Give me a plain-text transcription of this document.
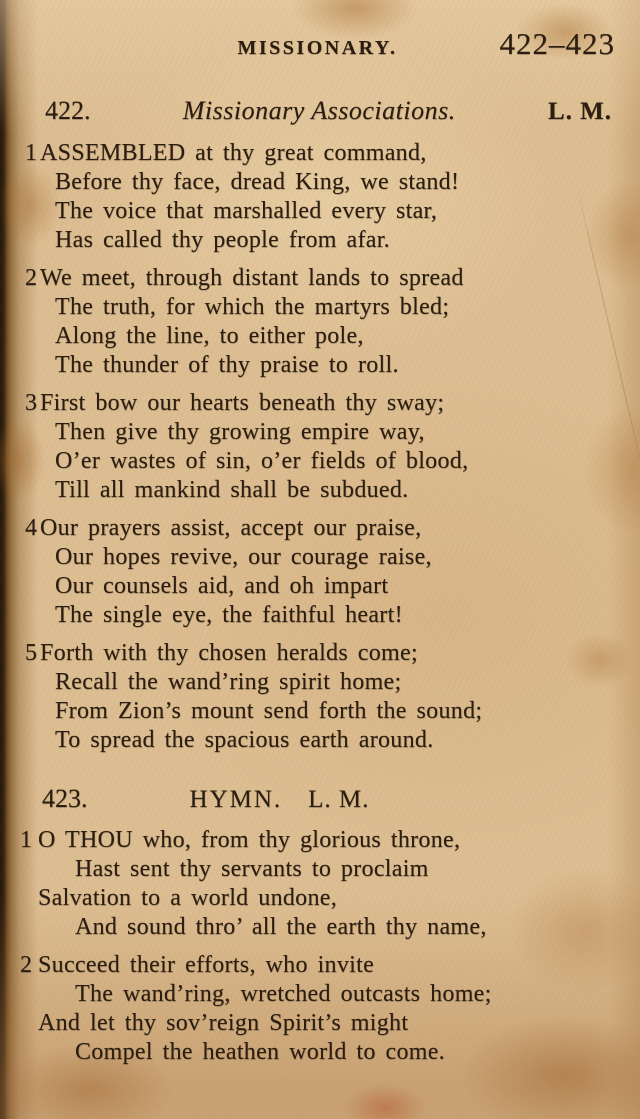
MISSIONARY.	422–423
422.	Missionary Associations.	L. M.
1 ASSEMBLED at thy great command,
Before thy face, dread King, we stand!
The voice that marshalled every star,
Has called thy people from afar.
2 We meet, through distant lands to spread
The truth, for which the martyrs bled;
Along the line, to either pole,
The thunder of thy praise to roll.
3 First bow our hearts beneath thy sway;
Then give thy growing empire way,
O’er wastes of sin, o’er fields of blood,
Till all mankind shall be subdued.
4 Our prayers assist, accept our praise,
Our hopes revive, our courage raise,
Our counsels aid, and oh impart
The single eye, the faithful heart!
5 Forth with thy chosen heralds come;
Recall the wand’ring spirit home;
From Zion’s mount send forth the sound;
To spread the spacious earth around.
423.	HYMN. L. M.
1 O THOU who, from thy glorious throne,
Hast sent thy servants to proclaim
Salvation to a world undone,
And sound thro’ all the earth thy name,
2 Succeed their efforts, who invite
The wand’ring, wretched outcasts home;
And let thy sov’reign Spirit’s might
Compel the heathen world to come.
